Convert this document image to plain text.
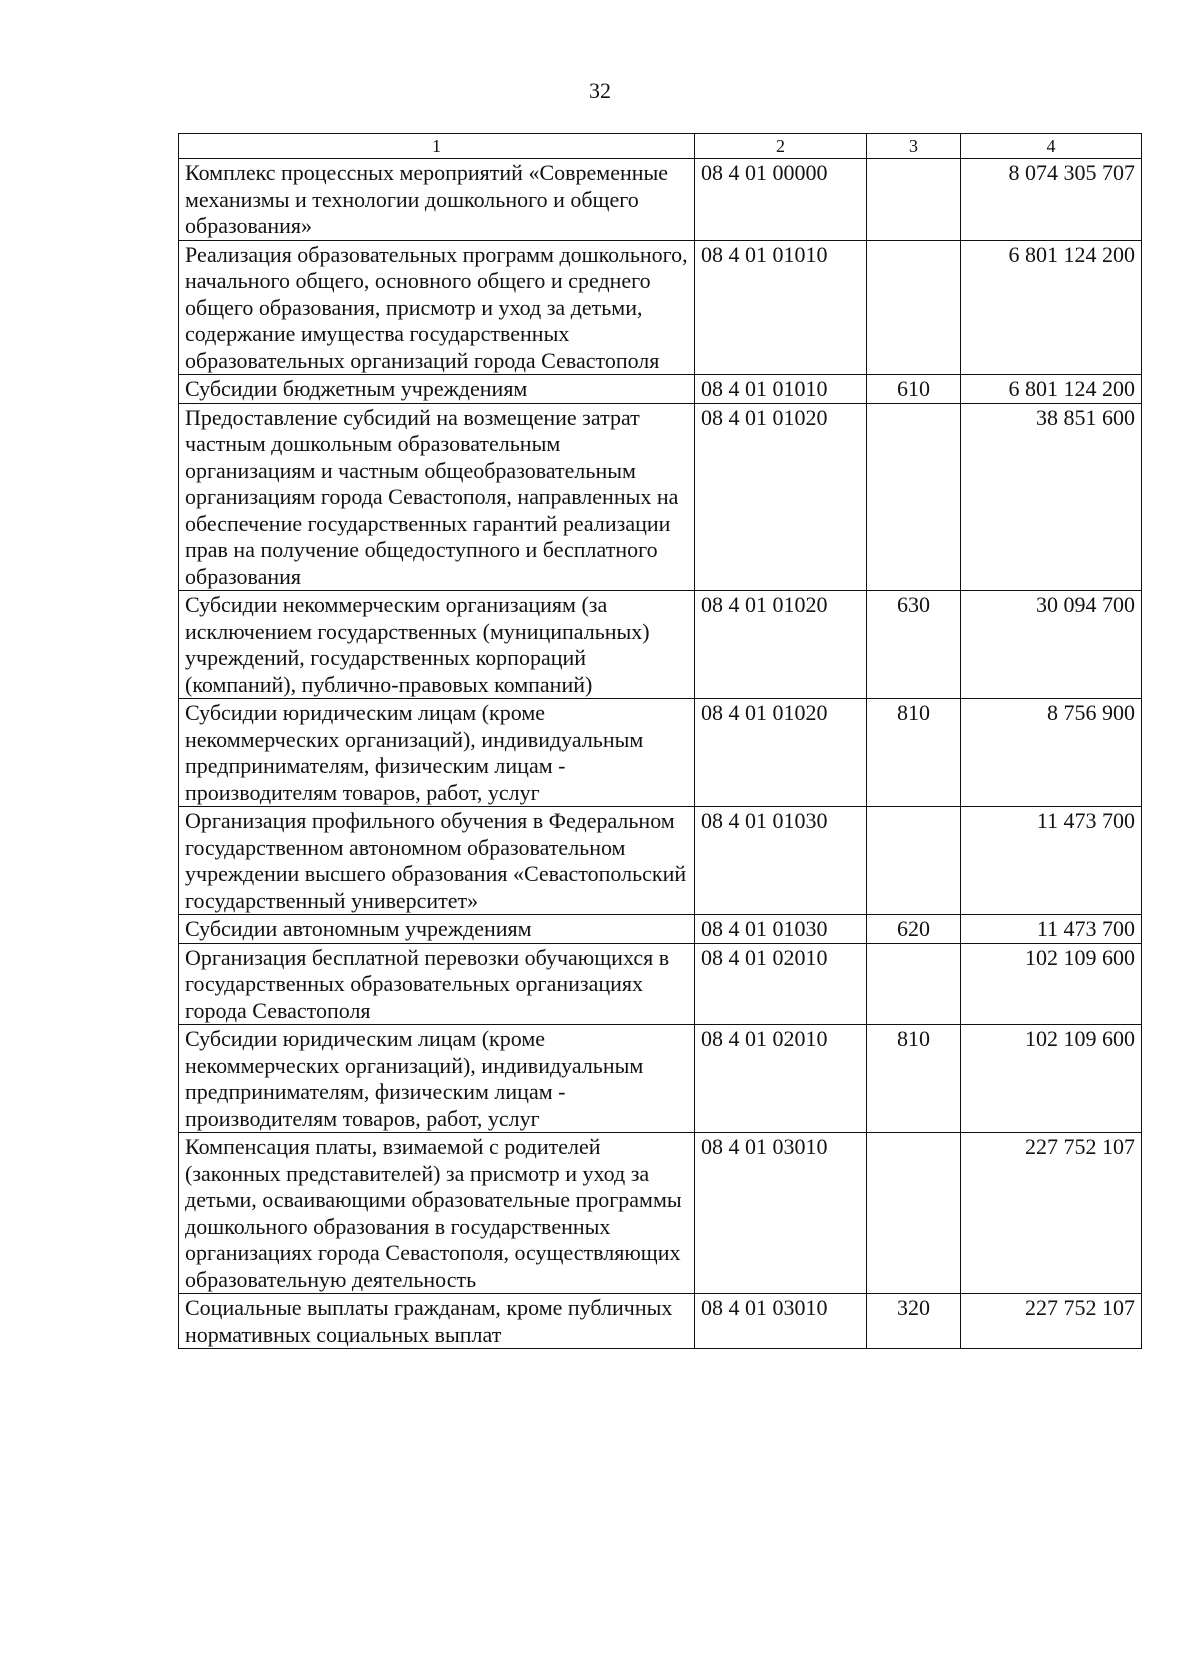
32
1	2	3	4
Комплекс процессных мероприятий «Современные механизмы и технологии дошкольного и общего образования»	08 4 01 00000		8 074 305 707
Реализация образовательных программ дошкольного, начального общего, основного общего и среднего общего образования, присмотр и уход за детьми, содержание имущества государственных образовательных организаций города Севастополя	08 4 01 01010		6 801 124 200
Субсидии бюджетным учреждениям	08 4 01 01010	610	6 801 124 200
Предоставление субсидий на возмещение затрат частным дошкольным образовательным организациям и частным общеобразовательным организациям города Севастополя, направленных на обеспечение государственных гарантий реализации прав на получение общедоступного и бесплатного образования	08 4 01 01020		38 851 600
Субсидии некоммерческим организациям (за исключением государственных (муниципальных) учреждений, государственных корпораций (компаний), публично-правовых компаний)	08 4 01 01020	630	30 094 700
Субсидии юридическим лицам (кроме некоммерческих организаций), индивидуальным предпринимателям, физическим лицам - производителям товаров, работ, услуг	08 4 01 01020	810	8 756 900
Организация профильного обучения в Федеральном государственном автономном образовательном учреждении высшего образования «Севастопольский государственный университет»	08 4 01 01030		11 473 700
Субсидии автономным учреждениям	08 4 01 01030	620	11 473 700
Организация бесплатной перевозки обучающихся в государственных образовательных организациях города Севастополя	08 4 01 02010		102 109 600
Субсидии юридическим лицам (кроме некоммерческих организаций), индивидуальным предпринимателям, физическим лицам - производителям товаров, работ, услуг	08 4 01 02010	810	102 109 600
Компенсация платы, взимаемой с родителей (законных представителей) за присмотр и уход за детьми, осваивающими образовательные программы дошкольного образования в государственных организациях города Севастополя, осуществляющих образовательную деятельность	08 4 01 03010		227 752 107
Социальные выплаты гражданам, кроме публичных нормативных социальных выплат	08 4 01 03010	320	227 752 107
